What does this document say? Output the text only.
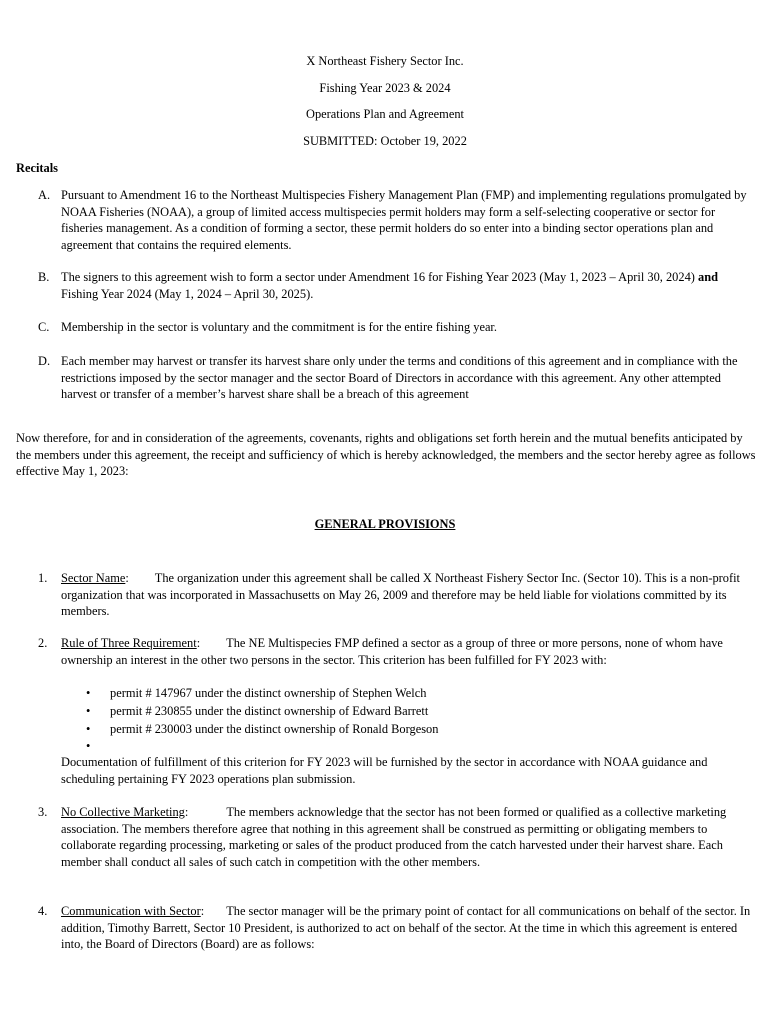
X Northeast Fishery Sector Inc.
Fishing Year 2023 & 2024
Operations Plan and Agreement
SUBMITTED: October 19, 2022
Recitals
A. Pursuant to Amendment 16 to the Northeast Multispecies Fishery Management Plan (FMP) and implementing regulations promulgated by NOAA Fisheries (NOAA), a group of limited access multispecies permit holders may form a self-selecting cooperative or sector for fisheries management. As a condition of forming a sector, these permit holders do so enter into a binding sector operations plan and agreement that contains the required elements.
B. The signers to this agreement wish to form a sector under Amendment 16 for Fishing Year 2023 (May 1, 2023 – April 30, 2024) and Fishing Year 2024 (May 1, 2024 – April 30, 2025).
C. Membership in the sector is voluntary and the commitment is for the entire fishing year.
D. Each member may harvest or transfer its harvest share only under the terms and conditions of this agreement and in compliance with the restrictions imposed by the sector manager and the sector Board of Directors in accordance with this agreement. Any other attempted harvest or transfer of a member’s harvest share shall be a breach of this agreement
Now therefore, for and in consideration of the agreements, covenants, rights and obligations set forth herein and the mutual benefits anticipated by the members under this agreement, the receipt and sufficiency of which is hereby acknowledged, the members and the sector hereby agree as follows effective May 1, 2023:
GENERAL PROVISIONS
1. Sector Name: The organization under this agreement shall be called X Northeast Fishery Sector Inc. (Sector 10). This is a non-profit organization that was incorporated in Massachusetts on May 26, 2009 and therefore may be held liable for violations committed by its members.
2. Rule of Three Requirement: The NE Multispecies FMP defined a sector as a group of three or more persons, none of whom have ownership an interest in the other two persons in the sector. This criterion has been fulfilled for FY 2023 with:
• permit # 147967 under the distinct ownership of Stephen Welch
• permit # 230855 under the distinct ownership of Edward Barrett
• permit # 230003 under the distinct ownership of Ronald Borgeson
•
Documentation of fulfillment of this criterion for FY 2023 will be furnished by the sector in accordance with NOAA guidance and scheduling pertaining FY 2023 operations plan submission.
3. No Collective Marketing:	The members acknowledge that the sector has not been formed or qualified as a collective marketing association. The members therefore agree that nothing in this agreement shall be construed as permitting or obligating members to collaborate regarding processing, marketing or sales of the product produced from the catch harvested under their harvest share. Each member shall conduct all sales of such catch in competition with the other members.
4. Communication with Sector: The sector manager will be the primary point of contact for all communications on behalf of the sector. In addition, Timothy Barrett, Sector 10 President, is authorized to act on behalf of the sector. At the time in which this agreement is entered into, the Board of Directors (Board) are as follows:
